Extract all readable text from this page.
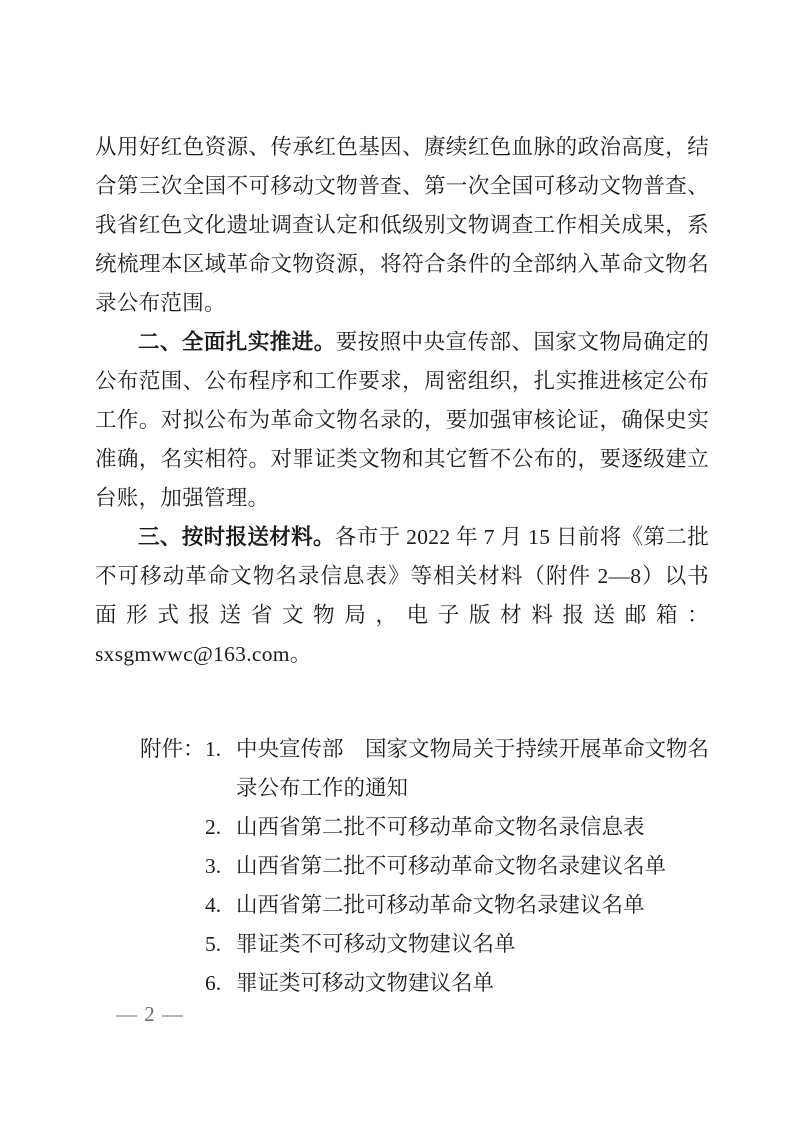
从用好红色资源、传承红色基因、赓续红色血脉的政治高度，结合第三次全国不可移动文物普查、第一次全国可移动文物普查、我省红色文化遗址调查认定和低级别文物调查工作相关成果，系统梳理本区域革命文物资源，将符合条件的全部纳入革命文物名录公布范围。

二、全面扎实推进。要按照中央宣传部、国家文物局确定的公布范围、公布程序和工作要求，周密组织，扎实推进核定公布工作。对拟公布为革命文物名录的，要加强审核论证，确保史实准确，名实相符。对罪证类文物和其它暂不公布的，要逐级建立台账，加强管理。

三、按时报送材料。各市于 2022 年 7 月 15 日前将《第二批不可移动革命文物名录信息表》等相关材料（附件 2—8）以书面形式报送省文物局，电子版材料报送邮箱：sxsgmwwc@163.com。

附件： 1. 中央宣传部　国家文物局关于持续开展革命文物名录公布工作的通知
2. 山西省第二批不可移动革命文物名录信息表
3. 山西省第二批不可移动革命文物名录建议名单
4. 山西省第二批可移动革命文物名录建议名单
5. 罪证类不可移动文物建议名单
6. 罪证类可移动文物建议名单
— 2 —
